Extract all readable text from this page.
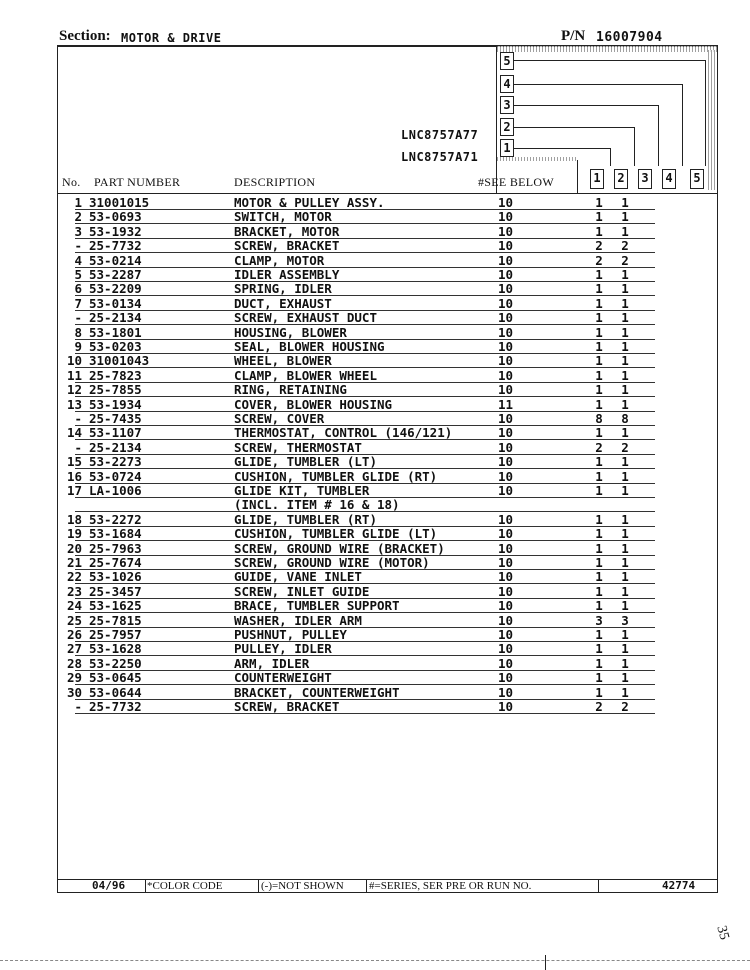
Section: MOTOR & DRIVE	P/N 16007904
5
4
3
2
1
LNC8757A77
LNC8757A71
No. PART NUMBER	DESCRIPTION	#SEE BELOW	1 2 3 4 5
1 31001015	MOTOR & PULLEY ASSY.	10	1	1
2 53-0693	SWITCH, MOTOR	10	1	1
3 53-1932	BRACKET, MOTOR	10	1	1
- 25-7732	SCREW, BRACKET	10	2	2
4 53-0214	CLAMP, MOTOR	10	2	2
5 53-2287	IDLER ASSEMBLY	10	1	1
6 53-2209	SPRING, IDLER	10	1	1
7 53-0134	DUCT, EXHAUST	10	1	1
- 25-2134	SCREW, EXHAUST DUCT	10	1	1
8 53-1801	HOUSING, BLOWER	10	1	1
9 53-0203	SEAL, BLOWER HOUSING	10	1	1
10 31001043	WHEEL, BLOWER	10	1	1
11 25-7823	CLAMP, BLOWER WHEEL	10	1	1
12 25-7855	RING, RETAINING	10	1	1
13 53-1934	COVER, BLOWER HOUSING	11	1	1
- 25-7435	SCREW, COVER	10	8	8
14 53-1107	THERMOSTAT, CONTROL (146/121)	10	1	1
- 25-2134	SCREW, THERMOSTAT	10	2	2
15 53-2273	GLIDE, TUMBLER (LT)	10	1	1
16 53-0724	CUSHION, TUMBLER GLIDE (RT)	10	1	1
17 LA-1006	GLIDE KIT, TUMBLER	10	1	1
(INCL. ITEM # 16 & 18)
18 53-2272	GLIDE, TUMBLER (RT)	10	1	1
19 53-1684	CUSHION, TUMBLER GLIDE (LT)	10	1	1
20 25-7963	SCREW, GROUND WIRE (BRACKET)	10	1	1
21 25-7674	SCREW, GROUND WIRE (MOTOR)	10	1	1
22 53-1026	GUIDE, VANE INLET	10	1	1
23 25-3457	SCREW, INLET GUIDE	10	1	1
24 53-1625	BRACE, TUMBLER SUPPORT	10	1	1
25 25-7815	WASHER, IDLER ARM	10	3	3
26 25-7957	PUSHNUT, PULLEY	10	1	1
27 53-1628	PULLEY, IDLER	10	1	1
28 53-2250	ARM, IDLER	10	1	1
29 53-0645	COUNTERWEIGHT	10	1	1
30 53-0644	BRACKET, COUNTERWEIGHT	10	1	1
- 25-7732	SCREW, BRACKET	10	2	2
04/96 *COLOR CODE	(-)=NOT SHOWN #=SERIES, SER PRE OR RUN NO.	42774
35
